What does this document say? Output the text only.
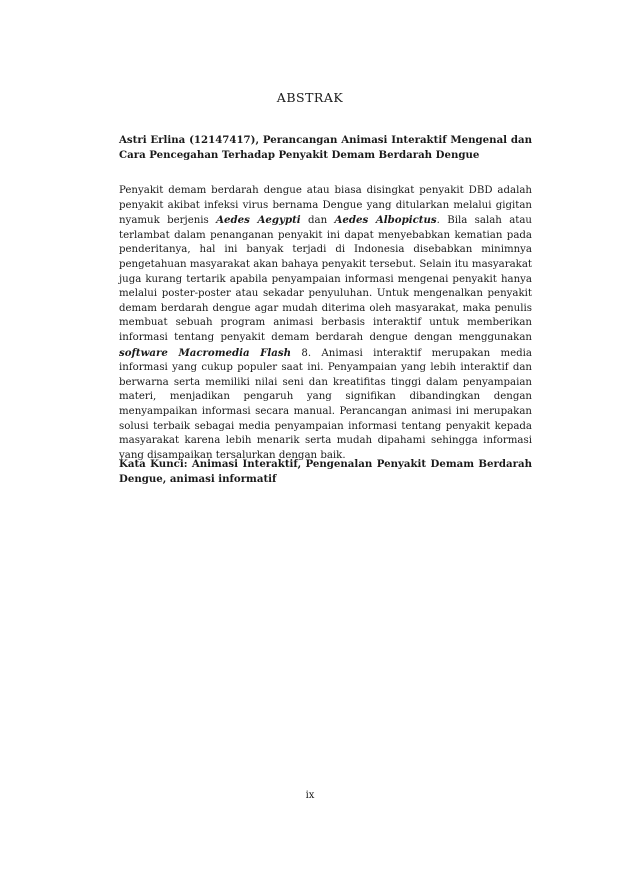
ABSTRAK
Astri Erlina (12147417), Perancangan Animasi Interaktif Mengenal dan Cara Pencegahan Terhadap Penyakit Demam Berdarah Dengue
Penyakit demam berdarah dengue atau biasa disingkat penyakit DBD adalah penyakit akibat infeksi virus bernama Dengue yang ditularkan melalui gigitan nyamuk berjenis Aedes Aegypti dan Aedes Albopictus. Bila salah atau terlambat dalam penanganan penyakit ini dapat menyebabkan kematian pada penderitanya, hal ini banyak terjadi di Indonesia disebabkan minimnya pengetahuan masyarakat akan bahaya penyakit tersebut. Selain itu masyarakat juga kurang tertarik apabila penyampaian informasi mengenai penyakit hanya melalui poster-poster atau sekadar penyuluhan. Untuk mengenalkan penyakit demam berdarah dengue agar mudah diterima oleh masyarakat, maka penulis membuat sebuah program animasi berbasis interaktif untuk memberikan informasi tentang penyakit demam berdarah dengue dengan menggunakan software Macromedia Flash 8. Animasi interaktif merupakan media informasi yang cukup populer saat ini. Penyampaian yang lebih interaktif dan berwarna serta memiliki nilai seni dan kreatifitas tinggi dalam penyampaian materi, menjadikan pengaruh yang signifikan dibandingkan dengan menyampaikan informasi secara manual. Perancangan animasi ini merupakan solusi terbaik sebagai media penyampaian informasi tentang penyakit kepada masyarakat karena lebih menarik serta mudah dipahami sehingga informasi yang disampaikan tersalurkan dengan baik.
Kata Kunci: Animasi Interaktif, Pengenalan Penyakit Demam Berdarah Dengue, animasi informatif
ix
